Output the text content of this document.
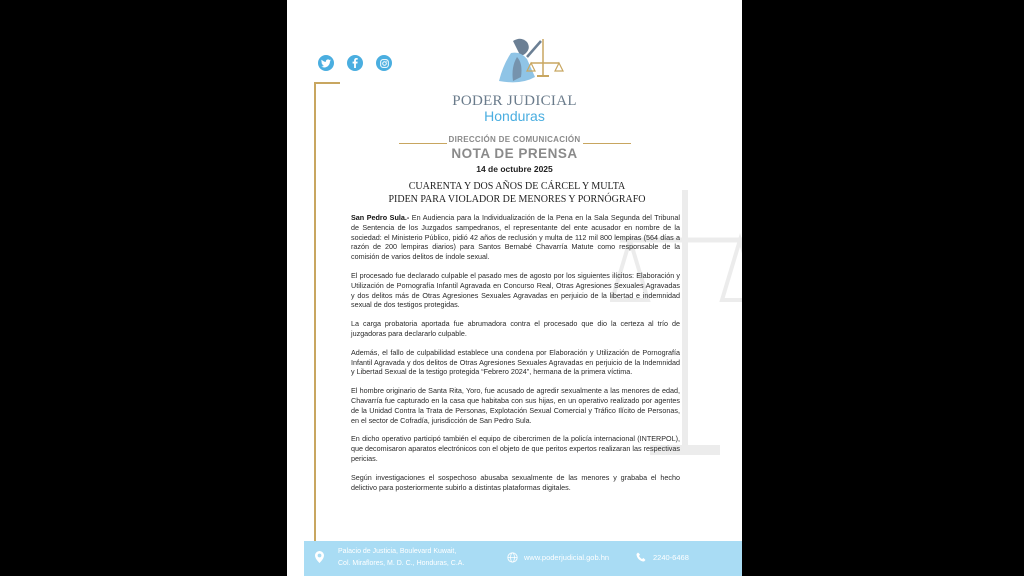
PODER JUDICIAL
Honduras
DIRECCIÓN DE COMUNICACIÓN
NOTA DE PRENSA
14 de octubre 2025
CUARENTA Y DOS AÑOS DE CÁRCEL Y MULTA
PIDEN PARA VIOLADOR DE MENORES Y PORNÓGRAFO

San Pedro Sula.- En Audiencia para la Individualización de la Pena en la Sala Segunda del Tribunal de Sentencia de los Juzgados sampedranos, el representante del ente acusador en nombre de la sociedad: el Ministerio Público, pidió 42 años de reclusión y multa de 112 mil 800 lempiras (564 días a razón de 200 lempiras diarios) para Santos Bernabé Chavarría Matute como responsable de la comisión de varios delitos de índole sexual.

El procesado fue declarado culpable el pasado mes de agosto por los siguientes ilícitos: Elaboración y Utilización de Pornografía Infantil Agravada en Concurso Real, Otras Agresiones Sexuales Agravadas y dos delitos más de Otras Agresiones Sexuales Agravadas en perjuicio de la libertad e indemnidad sexual de dos testigos protegidas.

La carga probatoria aportada fue abrumadora contra el procesado que dio la certeza al trío de juzgadoras para declararlo culpable.

Además, el fallo de culpabilidad establece una condena por Elaboración y Utilización de Pornografía Infantil Agravada y dos delitos de Otras Agresiones Sexuales Agravadas en perjuicio de la Indemnidad y Libertad Sexual de la testigo protegida “Febrero 2024”, hermana de la primera víctima.

El hombre originario de Santa Rita, Yoro, fue acusado de agredir sexualmente a las menores de edad, Chavarría fue capturado en la casa que habitaba con sus hijas, en un operativo realizado por agentes de la Unidad Contra la Trata de Personas, Explotación Sexual Comercial y Tráfico Ilícito de Personas, en el sector de Cofradía, jurisdicción de San Pedro Sula.

En dicho operativo participó también el equipo de cibercrimen de la policía internacional (INTERPOL), que decomisaron aparatos electrónicos con el objeto de que peritos expertos realizaran las respectivas pericias.

Según investigaciones el sospechoso abusaba sexualmente de las menores y grababa el hecho delictivo para posteriormente subirlo a distintas plataformas digitales.

Palacio de Justicia, Boulevard Kuwait,
Col. Miraflores, M. D. C., Honduras, C.A.
www.poderjudicial.gob.hn	2240-6468
